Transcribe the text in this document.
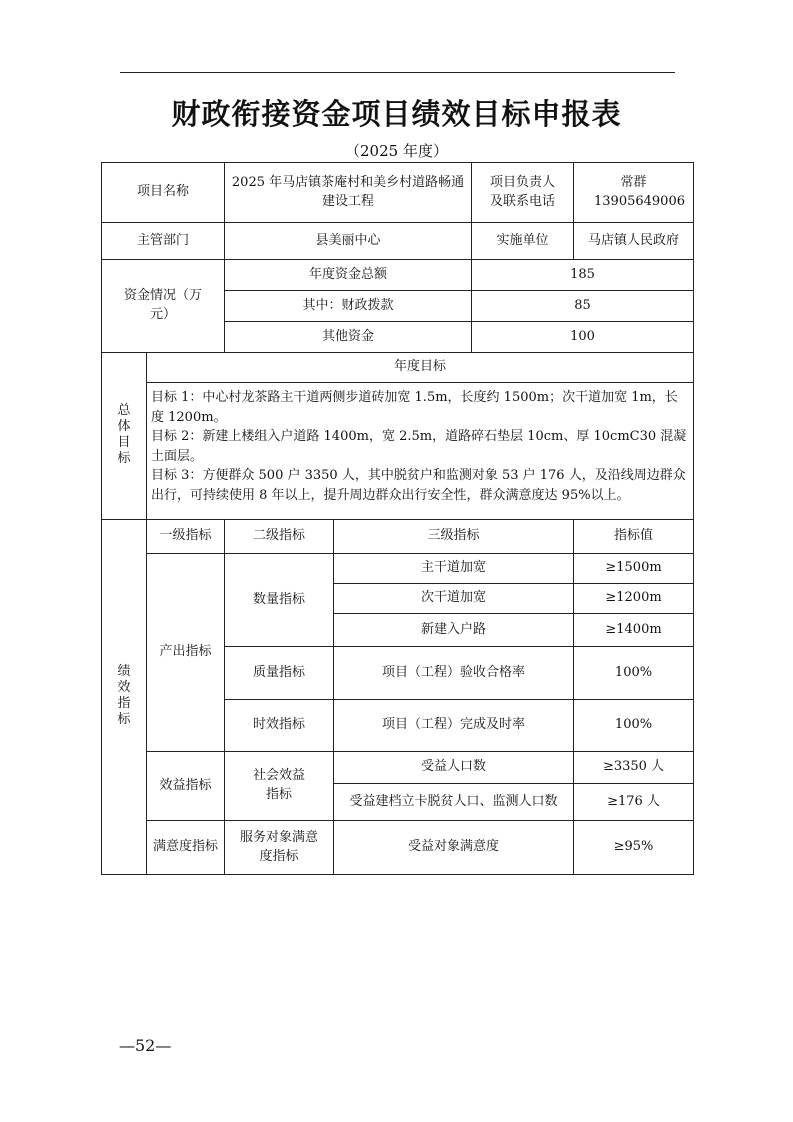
财政衔接资金项目绩效目标申报表
（2025 年度）
项目名称		2025 年马店镇茶庵村和美乡村道路畅通建设工程		项目负责人及联系电话	常群 13905649006
主管部门		县美丽中心		实施单位	马店镇人民政府
资金情况（万元）		年度资金总额		185	
		其中：财政拨款		85	
		其他资金		100	
总体目标	年度目标				

	目标 1：中心村龙茶路主干道两侧步道砖加宽 1.5m，长度约 1500m；次干道加宽 1m，长度 1200m。
目标 2：新建上楼组入户道路 1400m，宽 2.5m，道路碎石垫层 10cm、厚 10cmC30 混凝土面层。
目标 3：方便群众 500 户 3350 人，其中脱贫户和监测对象 53 户 176 人，及沿线周边群众出行，可持续使用 8 年以上，提升周边群众出行安全性，群众满意度达 95%以上。				

绩效指标	一级指标	二级指标	三级指标		指标值
	产出指标	数量指标	主干道加宽		≥1500m
			次干道加宽		≥1200m
			新建入户路		≥1400m
		质量指标	项目（工程）验收合格率		100%
		时效指标	项目（工程）完成及时率		100%
	效益指标	社会效益指标	受益人口数		≥3350 人
			受益建档立卡脱贫人口、监测人口数		≥176 人
	满意度指标	服务对象满意度指标	受益对象满意度		≥95%
—52—
